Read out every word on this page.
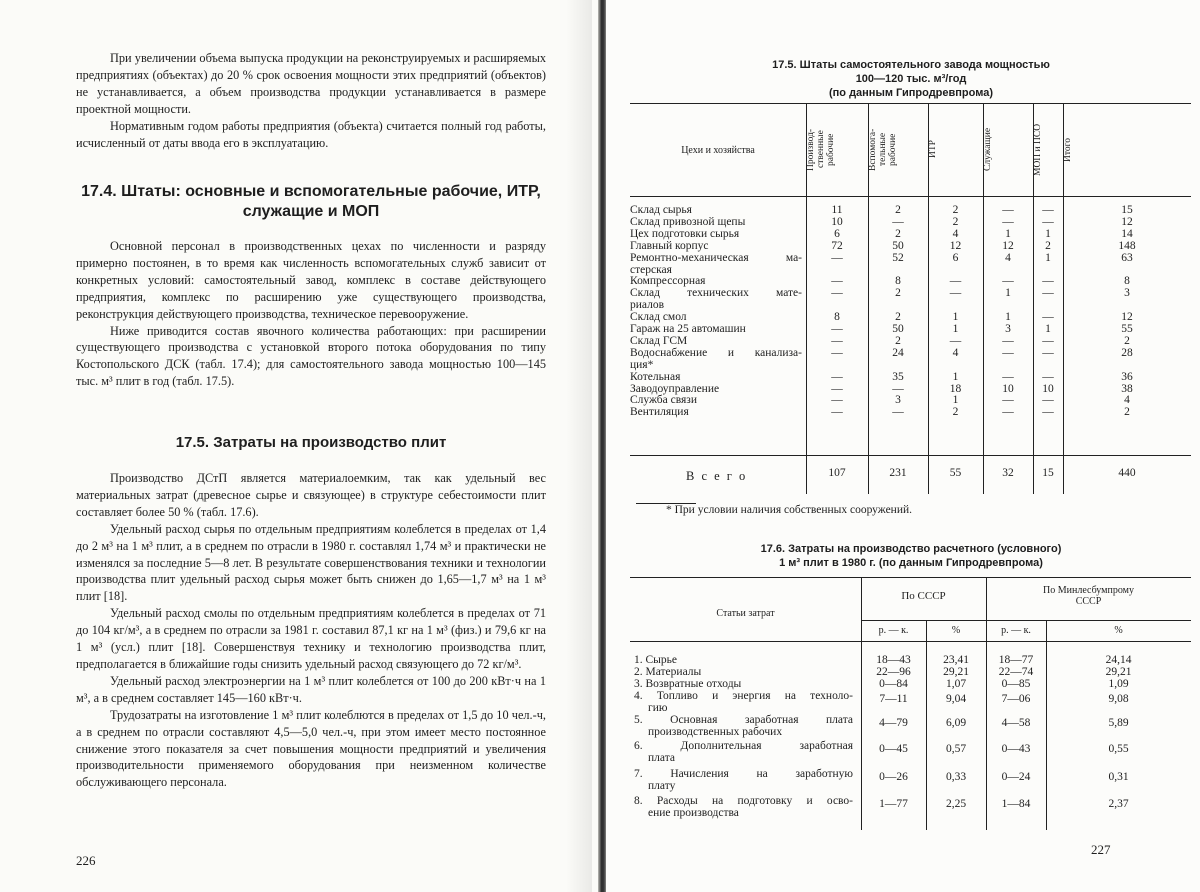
При увеличении объема выпуска продукции на реконструируемых и расширяемых предприятиях (объектах) до 20 % срок освоения мощности этих предприятий (объектов) не устанавливается, а объем производства продукции устанавливается в размере проектной мощности.

Нормативным годом работы предприятия (объекта) считается полный год работы, исчисленный от даты ввода его в эксплуатацию.

17.4. Штаты: основные и вспомогательные рабочие, ИТР,
служащие и МОП

Основной персонал в производственных цехах по численности и разряду примерно постоянен, в то время как численность вспомогательных служб зависит от конкретных условий: самостоятельный завод, комплекс в составе действующего предприятия, комплекс по расширению уже существующего производства, реконструкция действующего производства, техническое перевооружение.

Ниже приводится состав явочного количества работающих: при расширении существующего производства с установкой второго потока оборудования по типу Костопольского ДСК (табл. 17.4); для самостоятельного завода мощностью 100—145 тыс. м³ плит в год (табл. 17.5).

17.5. Затраты на производство плит

Производство ДСтП является материалоемким, так как удельный вес материальных затрат (древесное сырье и связующее) в структуре себестоимости плит составляет более 50 % (табл. 17.6).

Удельный расход сырья по отдельным предприятиям колеблется в пределах от 1,4 до 2 м³ на 1 м³ плит, а в среднем по отрасли в 1980 г. составлял 1,74 м³ и практически не изменялся за последние 5—8 лет. В результате совершенствования техники и технологии производства плит удельный расход сырья может быть снижен до 1,65—1,7 м³ на 1 м³ плит [18].

Удельный расход смолы по отдельным предприятиям колеблется в пределах от 71 до 104 кг/м³, а в среднем по отрасли за 1981 г. составил 87,1 кг на 1 м³ (физ.) и 79,6 кг на 1 м³ (усл.) плит [18]. Совершенствуя технику и технологию производства плит, предполагается в ближайшие годы снизить удельный расход связующего до 72 кг/м³.

Удельный расход электроэнергии на 1 м³ плит колеблется от 100 до 200 кВт·ч на 1 м³, а в среднем составляет 145—160 кВт·ч.

Трудозатраты на изготовление 1 м³ плит колеблются в пределах от 1,5 до 10 чел.-ч, а в среднем по отрасли составляют 4,5—5,0 чел.-ч, при этом имеет место постоянное снижение этого показателя за счет повышения мощности предприятий и увеличения производительности применяемого оборудования при неизменном количестве обслуживающего персонала.

226
Цехи и хозяйства	Производ-
ственные
рабочие	Вспомога-
тельные
рабочие	ИТР	Служащие	МОП и ПСО	Итого
Склад сырья	11	2	2	—	—	15
Склад привозной щепы	10	—	2	—	—	12
Цех подготовки сырья	6	2	4	1	1	14
Главный корпус	72	50	12	12	2	148
Ремонтно-механическая ма-
стерская
—	52	6	4	1	63
Компрессорная	—	8	—	—	—	8
Склад технических мате-
риалов
—	2	—	1	—	3
Склад смол	8	2	1	1	—	12
Гараж на 25 автомашин	—	50	1	3	1	55
Склад ГСМ	—	2	—	—	—	2
Водоснабжение и канализа-
ция*
—	24	4	—	—	28
Котельная	—	35	1	—	—	36
Заводоуправление	—	—	18	10	10	38
Служба связи	—	3	1	—	—	4
Вентиляция	—	—	2	—	—	2
В с е г о	107	231	55	32	15	440
17.5. Штаты самостоятельного завода мощностью
100—120 тыс. м³/год
(по данным Гипродревпрома)
* При условии наличия собственных сооружений.
Статьи затрат
По СССР	По Минлесбумпрому
СССР
р. — к.	%	р. — к.	%
1. Сырье	18—43	23,41	18—77	24,14
2. Материалы	22—96	29,21	22—74	29,21
3. Возвратные отходы	0—84	1,07	0—85	1,09
4. Топливо и энергия на техноло-
гию
7—11	9,04	7—06	9,08
5. Основная заработная плата
производственных рабочих
4—79	6,09	4—58	5,89
6. Дополнительная заработная
плата
0—45	0,57	0—43	0,55
7. Начисления на заработную
плату
0—26	0,33	0—24	0,31
8. Расходы на подготовку и осво-
ение производства
1—77	2,25	1—84	2,37
17.6. Затраты на производство расчетного (условного)
1 м³ плит в 1980 г. (по данным Гипродревпрома)
227
